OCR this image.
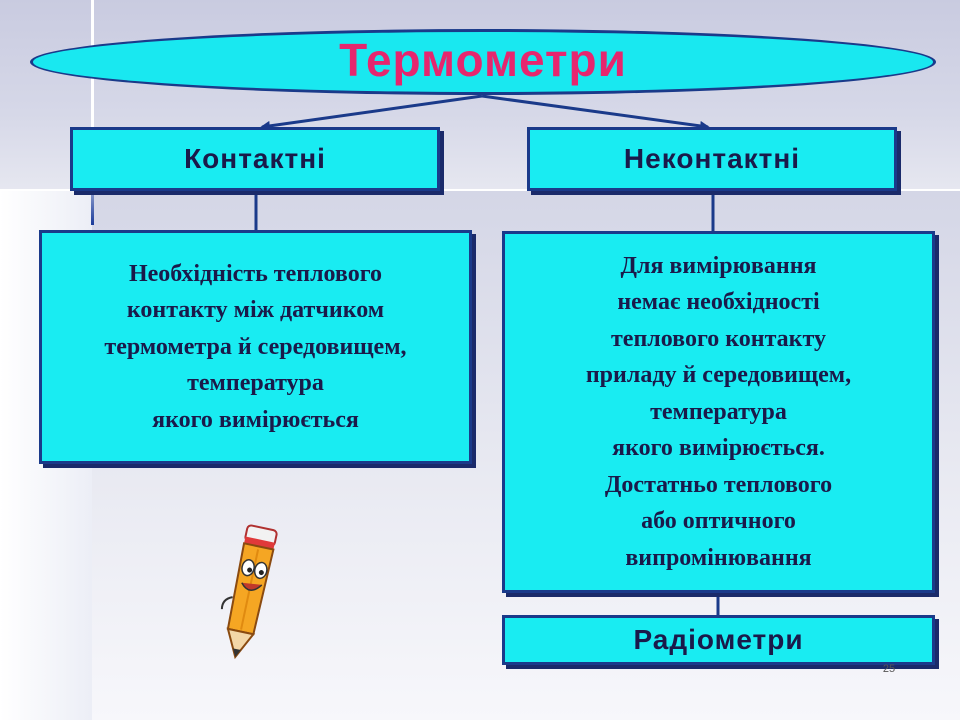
Термометри
Контактні	Неконтактні
Необхідність теплового
контакту між датчиком
термометра й середовищем,
температура
якого вимірюється
Для вимірювання
немає необхідності
теплового контакту
приладу й середовищем,
температура
якого вимірюється.
Достатньо теплового
або оптичного
випромінювання
Радіометри
25
